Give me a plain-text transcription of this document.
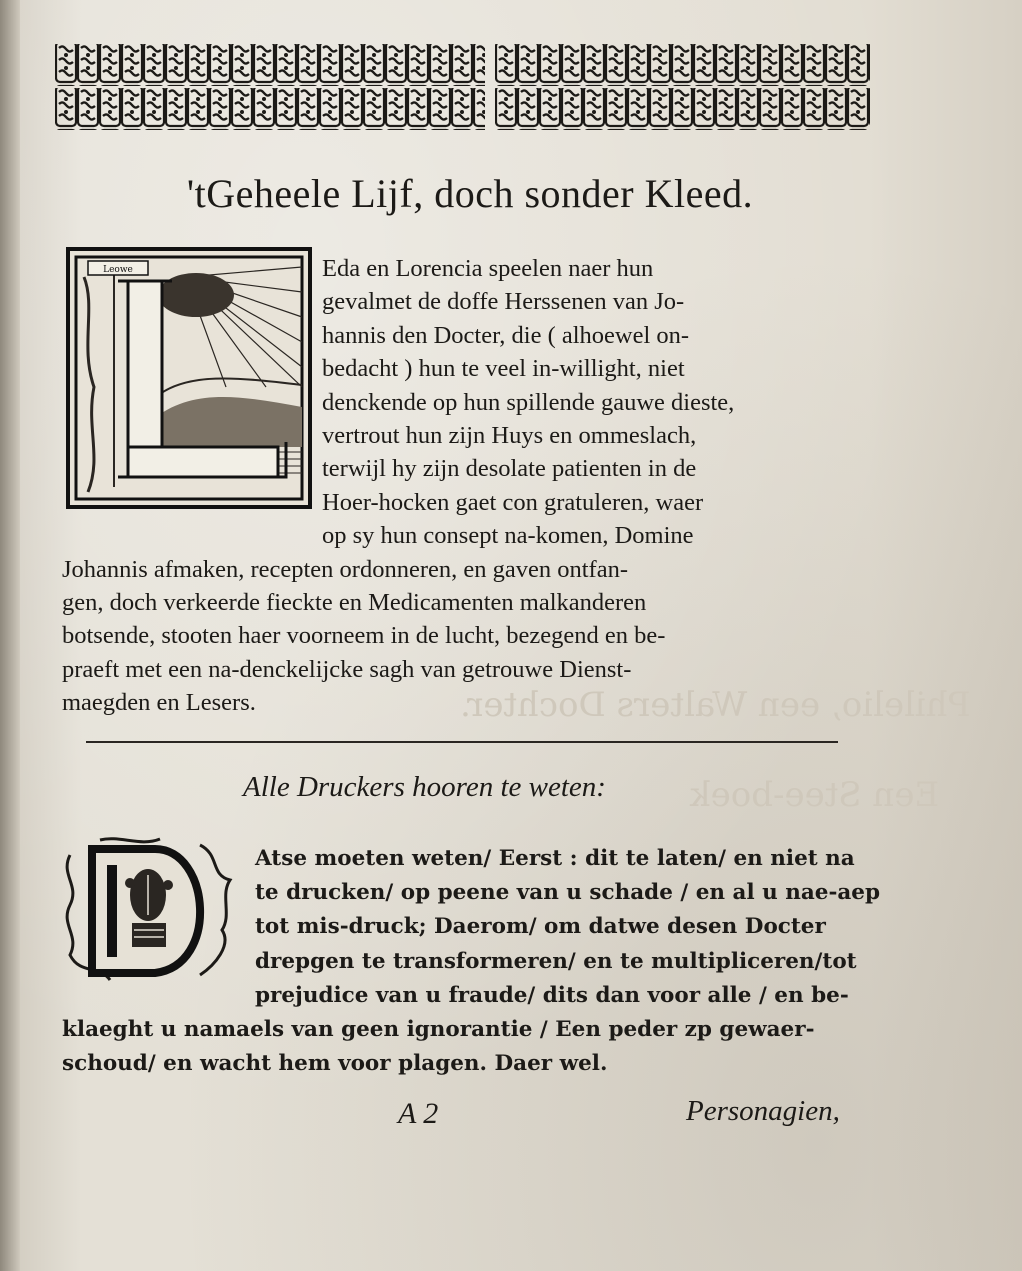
Philelio, een Walters Dochter.
Een Stee-boek
'tGeheele Lijf, doch sonder Kleed.
Leowe	Eda en Lorencia speelen naer hun
gevalmet de doffe Herssenen van Jo-
hannis den Docter, die ( alhoewel on-
bedacht ) hun te veel in-willight, niet
denckende op hun spillende gauwe dieste,
vertrout hun zijn Huys en ommeslach,
terwijl hy zijn desolate patienten in de
Hoer-hocken gaet con gratuleren, waer
op sy hun consept na-komen, Domine
Johannis afmaken, recepten ordonneren, en gaven ontfan-
gen, doch verkeerde fieckte en Medicamenten malkanderen
botsende, stooten haer voorneem in de lucht, bezegend en be-
praeft met een na-denckelijcke sagh van getrouwe Dienst-
maegden en Lesers.

Alle Druckers hooren te weten:

Atse moeten weten/ Eerst : dit te laten/ en niet na
te drucken/ op peene van u schade / en al u nae-aep
tot mis-druck; Daerom/ om datwe desen Docter
drepgen te transformeren/ en te multipliceren/tot
prejudice van u fraude/ dits dan voor alle / en be-
klaeght u namaels van geen ignorantie / Een peder zp gewaer-
schoud/ en wacht hem voor plagen. Daer wel.

A 2	Personagien,
